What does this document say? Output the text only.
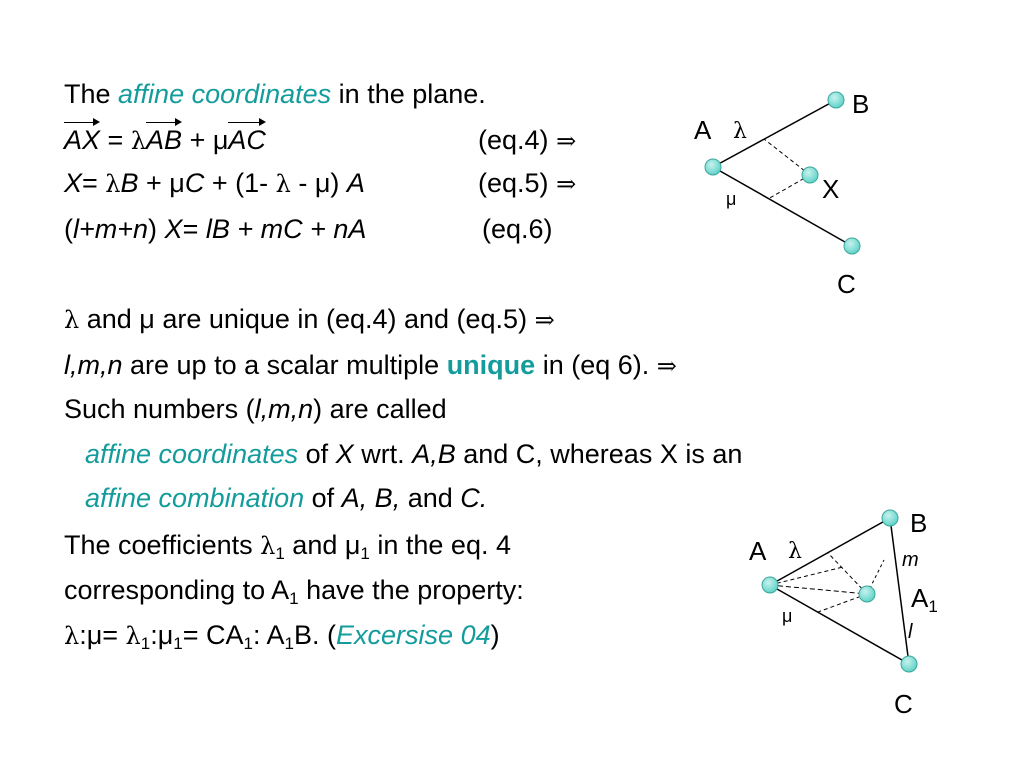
The affine coordinates in the plane.
AX = λAB + μAC	(eq.4) ⇒
X= λB + μC + (1- λ - μ) A	(eq.5) ⇒
(l+m+n) X= lB + mC + nA	(eq.6)
λ and μ are unique in (eq.4) and (eq.5) ⇒
l,m,n are up to a scalar multiple unique in (eq 6). ⇒
Such numbers (l,m,n) are called
affine coordinates of X wrt. A,B and C, whereas X is an
affine combination of A, B, and C.
The coefficients $\lambda_1$ and $\mu_1$ in the eq. 4
corresponding to $A_1$ have the property:
λ:μ= $\lambda_1:\mu_1= CA_1$: $A_1B$. (Excersise 04)
B
A λ
μ	X
C
B
A λ
μ
m
$A_1$
l
C
